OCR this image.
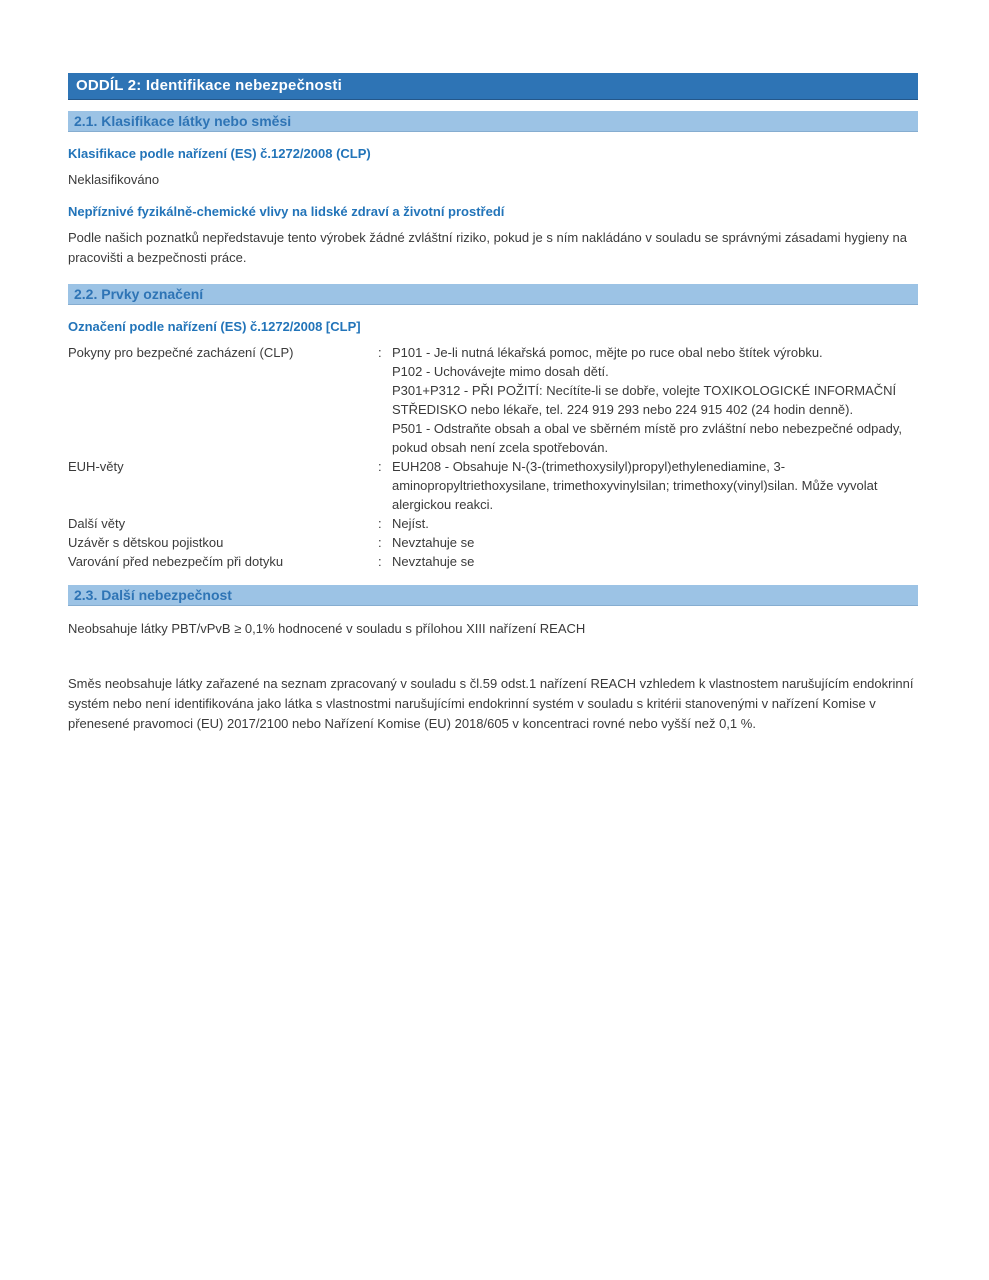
ODDÍL 2: Identifikace nebezpečnosti
2.1. Klasifikace látky nebo směsi
Klasifikace podle nařízení (ES) č.1272/2008 (CLP)
Neklasifikováno
Nepříznivé fyzikálně-chemické vlivy na lidské zdraví a životní prostředí
Podle našich poznatků nepředstavuje tento výrobek žádné zvláštní riziko, pokud je s ním nakládáno v souladu se správnými zásadami hygieny na pracovišti a bezpečnosti práce.
2.2. Prvky označení
Označení podle nařízení (ES) č.1272/2008 [CLP]
Pokyny pro bezpečné zacházení (CLP)	: P101 - Je-li nutná lékařská pomoc, mějte po ruce obal nebo štítek výrobku.
P102 - Uchovávejte mimo dosah dětí.
P301+P312 - PŘI POŽITÍ: Necítíte-li se dobře, volejte TOXIKOLOGICKÉ INFORMAČNÍ STŘEDISKO nebo lékaře, tel. 224 919 293 nebo 224 915 402 (24 hodin denně).
P501 - Odstraňte obsah a obal ve sběrném místě pro zvláštní nebo nebezpečné odpady, pokud obsah není zcela spotřebován.
EUH-věty	: EUH208 - Obsahuje N-(3-(trimethoxysilyl)propyl)ethylenediamine, 3-aminopropyltriethoxysilane, trimethoxyvinylsilan; trimethoxy(vinyl)silan. Může vyvolat alergickou reakci.
Další věty	: Nejíst.
Uzávěr s dětskou pojistkou	: Nevztahuje se
Varování před nebezpečím při dotyku	: Nevztahuje se
2.3. Další nebezpečnost
Neobsahuje látky PBT/vPvB ≥ 0,1% hodnocené v souladu s přílohou XIII nařízení REACH
Směs neobsahuje látky zařazené na seznam zpracovaný v souladu s čl.59 odst.1 nařízení REACH vzhledem k vlastnostem narušujícím endokrinní systém nebo není identifikována jako látka s vlastnostmi narušujícími endokrinní systém v souladu s kritérii stanovenými v nařízení Komise v přenesené pravomoci (EU) 2017/2100 nebo Nařízení Komise (EU) 2018/605 v koncentraci rovné nebo vyšší než 0,1 %.
